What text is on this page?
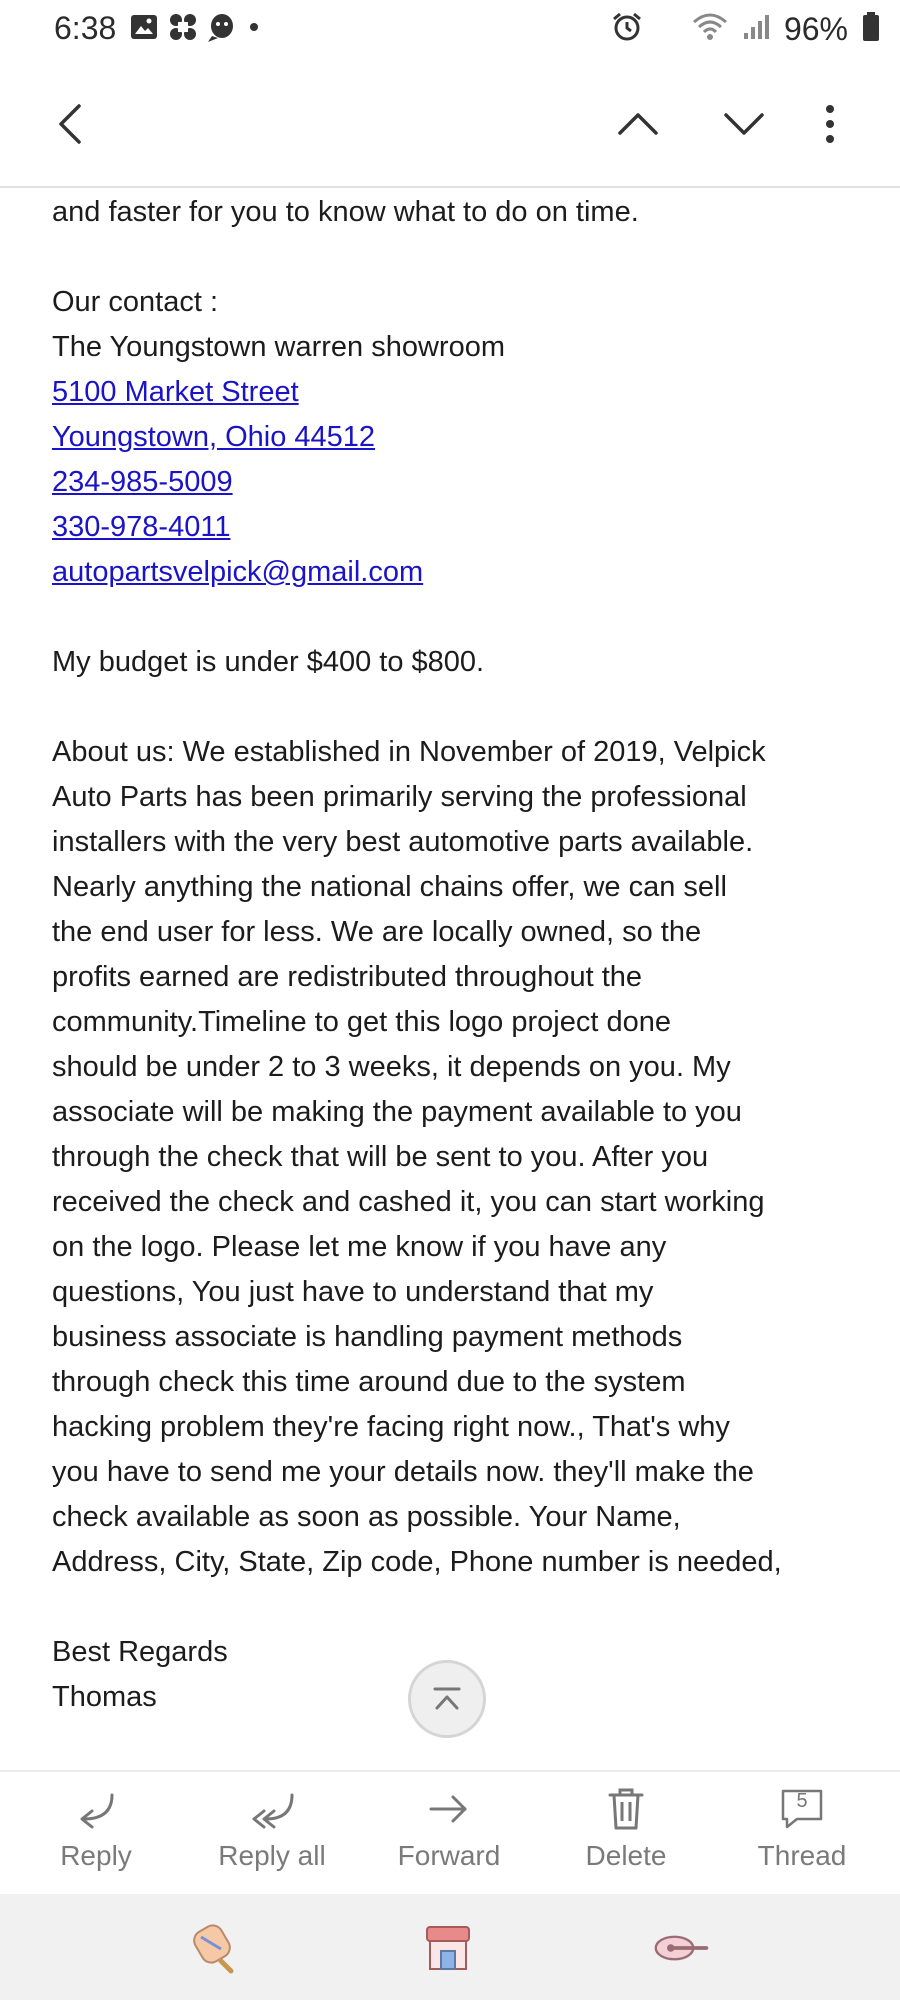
6:38	96%

and faster for you to know what to do on time.

Our contact :

The Youngstown warren showroom

5100 Market Street
Youngstown, Ohio 44512
234-985-5009
330-978-4011
autopartsvelpick@gmail.com

My budget is under $400 to $800.

About us: We established in November of 2019, Velpick

Auto Parts has been primarily serving the professional

installers with the very best automotive parts available.

Nearly anything the national chains offer, we can sell

the end user for less. We are locally owned, so the

profits earned are redistributed throughout the

community.Timeline to get this logo project done

should be under 2 to 3 weeks, it depends on you. My

associate will be making the payment available to you

through the check that will be sent to you. After you

received the check and cashed it, you can start working

on the logo. Please let me know if you have any

questions, You just have to understand that my

business associate is handling payment methods

through check this time around due to the system

hacking problem they're facing right now., That's why

you have to send me your details now. they'll make the

check available as soon as possible. Your Name,

Address, City, State, Zip code, Phone number is needed,

Best Regards

Thomas

Reply	Reply all	Forward	Delete
5
Thread
